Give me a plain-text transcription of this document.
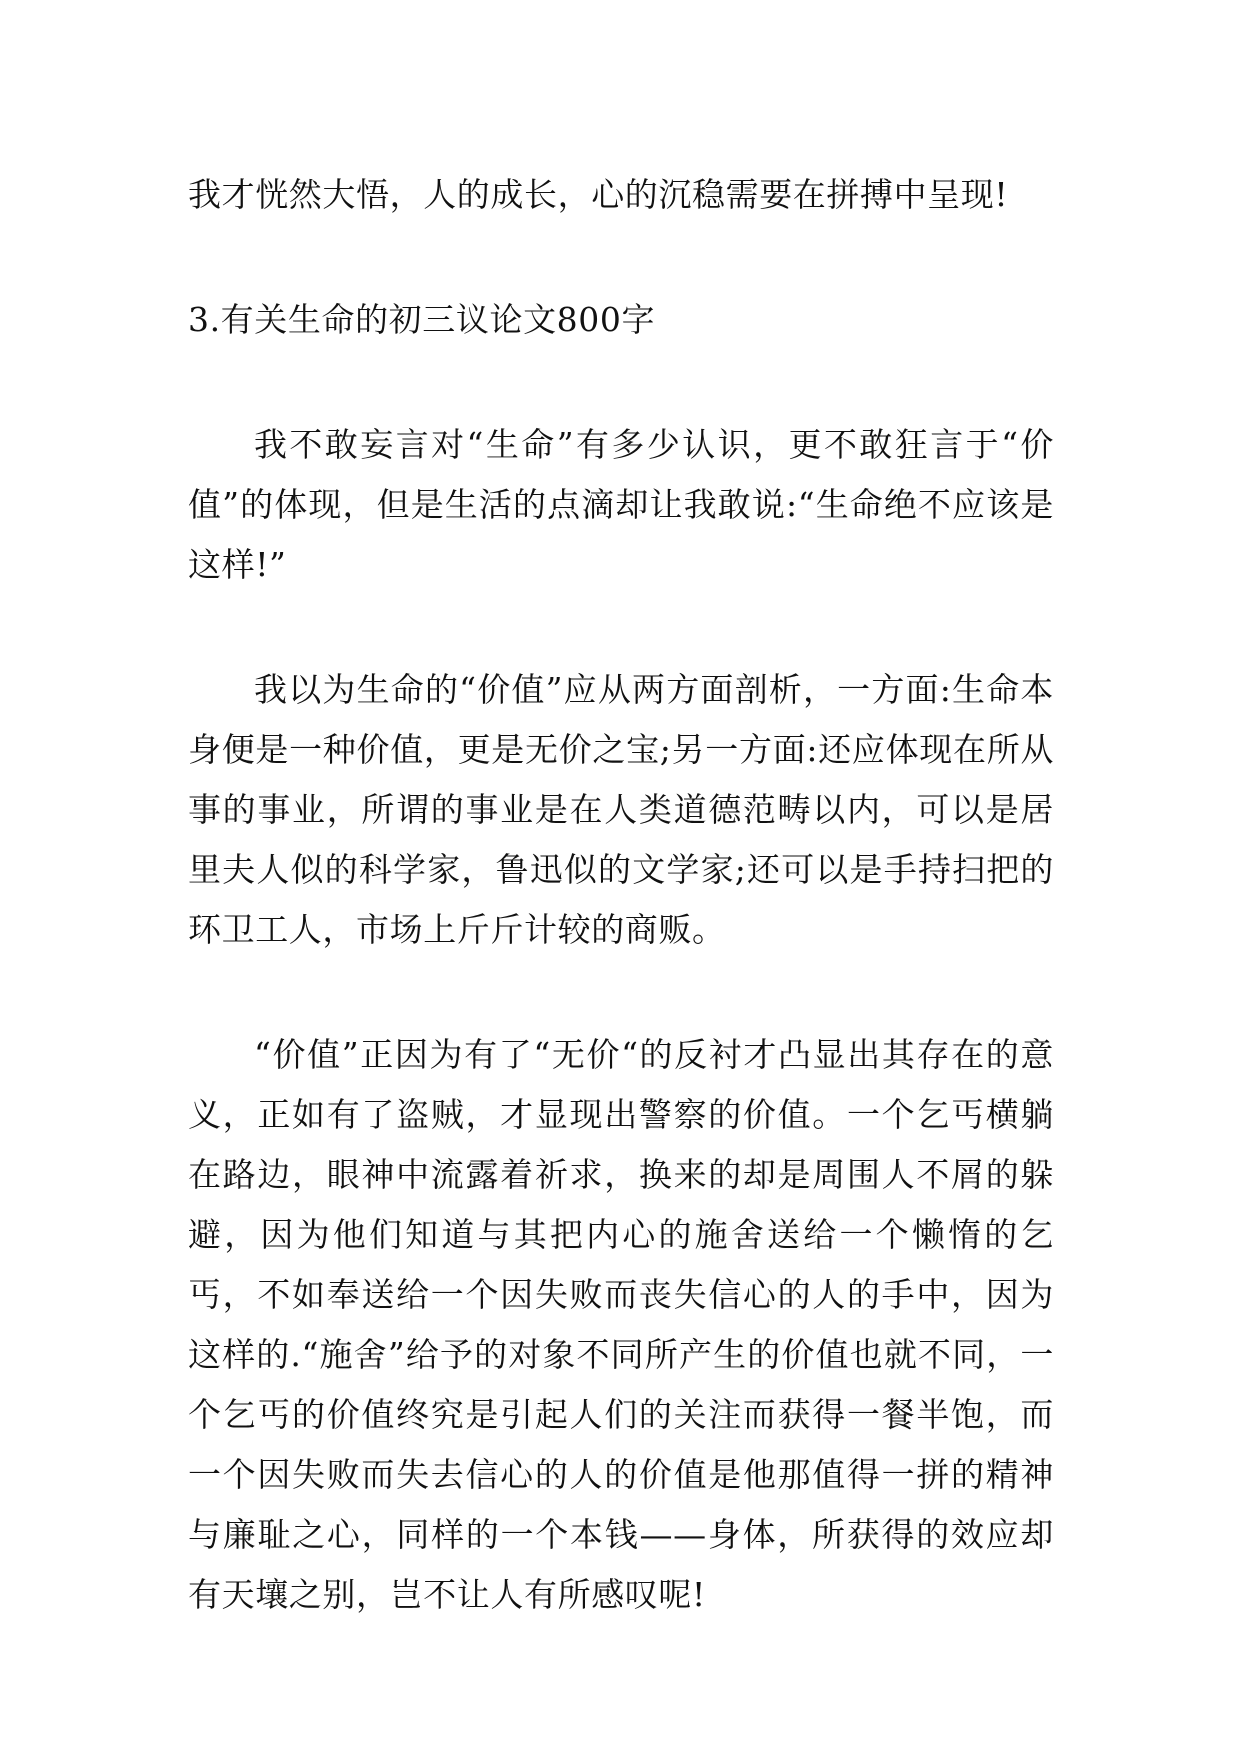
我才恍然大悟，人的成长，心的沉稳需要在拼搏中呈现!
3.有关生命的初三议论文800字

我不敢妄言对“生命”有多少认识，更不敢狂言于“价值”的体现，但是生活的点滴却让我敢说:“生命绝不应该是这样!”

我以为生命的“价值”应从两方面剖析，一方面:生命本身便是一种价值，更是无价之宝;另一方面:还应体现在所从事的事业，所谓的事业是在人类道德范畴以内，可以是居里夫人似的科学家，鲁迅似的文学家;还可以是手持扫把的环卫工人，市场上斤斤计较的商贩。

“价值”正因为有了“无价“的反衬才凸显出其存在的意义，正如有了盗贼，才显现出警察的价值。一个乞丐横躺在路边，眼神中流露着祈求，换来的却是周围人不屑的躲避，因为他们知道与其把内心的施舍送给一个懒惰的乞丐，不如奉送给一个因失败而丧失信心的人的手中，因为这样的.“施舍”给予的对象不同所产生的价值也就不同，一个乞丐的价值终究是引起人们的关注而获得一餐半饱，而一个因失败而失去信心的人的价值是他那值得一拼的精神与廉耻之心，同样的一个本钱——身体，所获得的效应却有天壤之别，岂不让人有所感叹呢!
